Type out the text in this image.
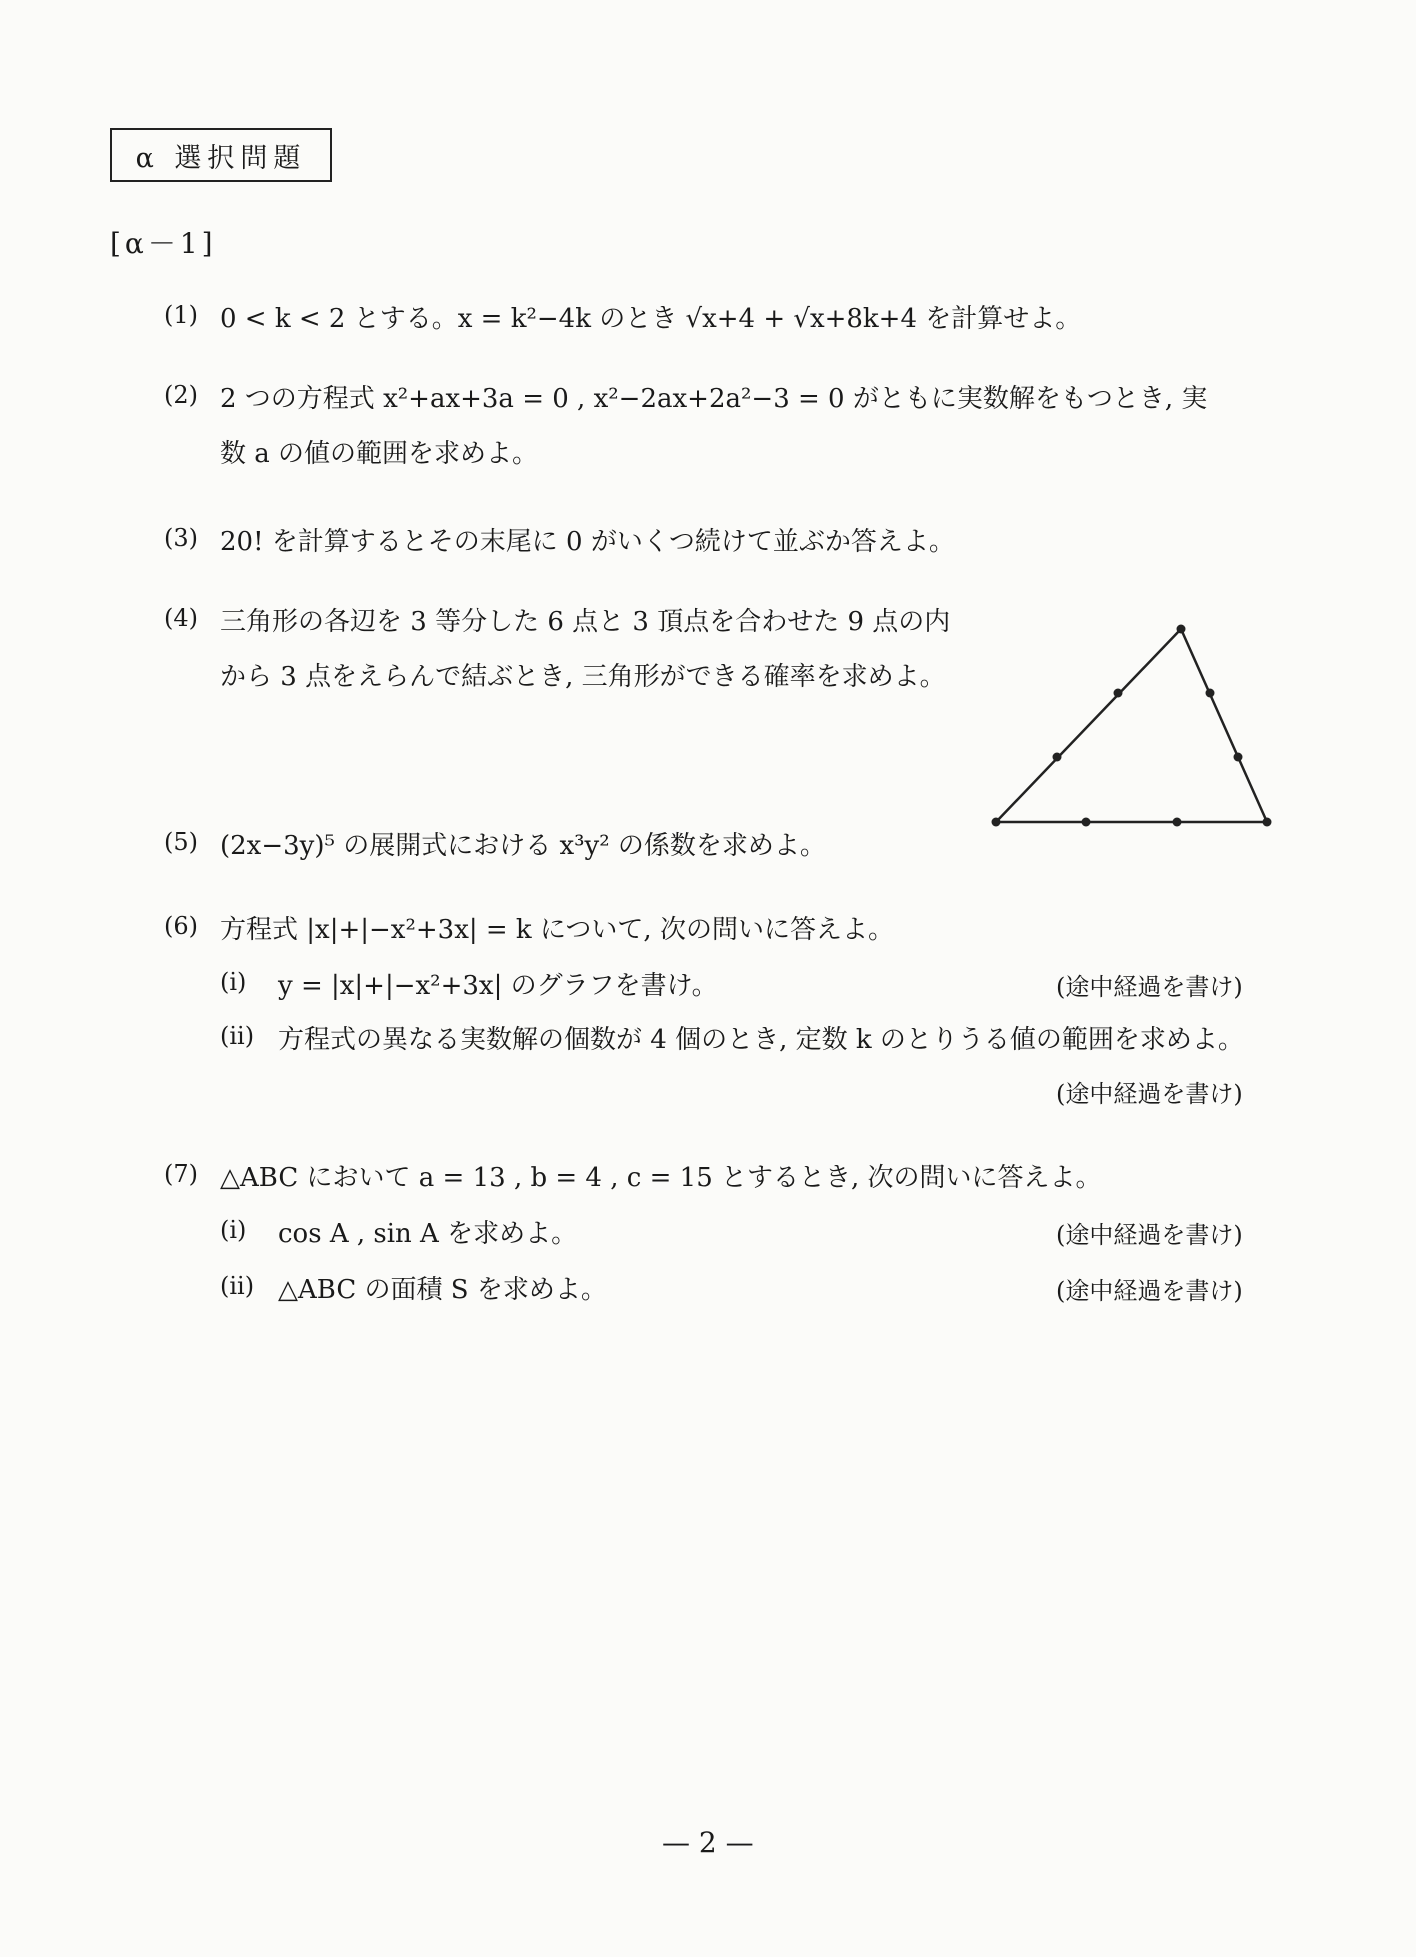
α 選択問題
[α－1]
(1) 0 < k < 2 とする。x = k²−4k のとき √x+4 + √x+8k+4 を計算せよ。
(2) 2 つの方程式 x²+ax+3a = 0 , x²−2ax+2a²−3 = 0 がともに実数解をもつとき, 実
数 a の値の範囲を求めよ。
(3) 20! を計算するとその末尾に 0 がいくつ続けて並ぶか答えよ。
(4) 三角形の各辺を 3 等分した 6 点と 3 頂点を合わせた 9 点の内
から 3 点をえらんで結ぶとき, 三角形ができる確率を求めよ。
(5) (2x−3y)⁵ の展開式における x³y² の係数を求めよ。
(6) 方程式 |x|+|−x²+3x| = k について, 次の問いに答えよ。
(i) y = |x|+|−x²+3x| のグラフを書け。	(途中経過を書け)
(ii) 方程式の異なる実数解の個数が 4 個のとき, 定数 k のとりうる値の範囲を求めよ。
(途中経過を書け)
(7) △ABC において a = 13 , b = 4 , c = 15 とするとき, 次の問いに答えよ。
(i) cos A , sin A を求めよ。	(途中経過を書け)
(ii) △ABC の面積 S を求めよ。	(途中経過を書け)
— 2 —
